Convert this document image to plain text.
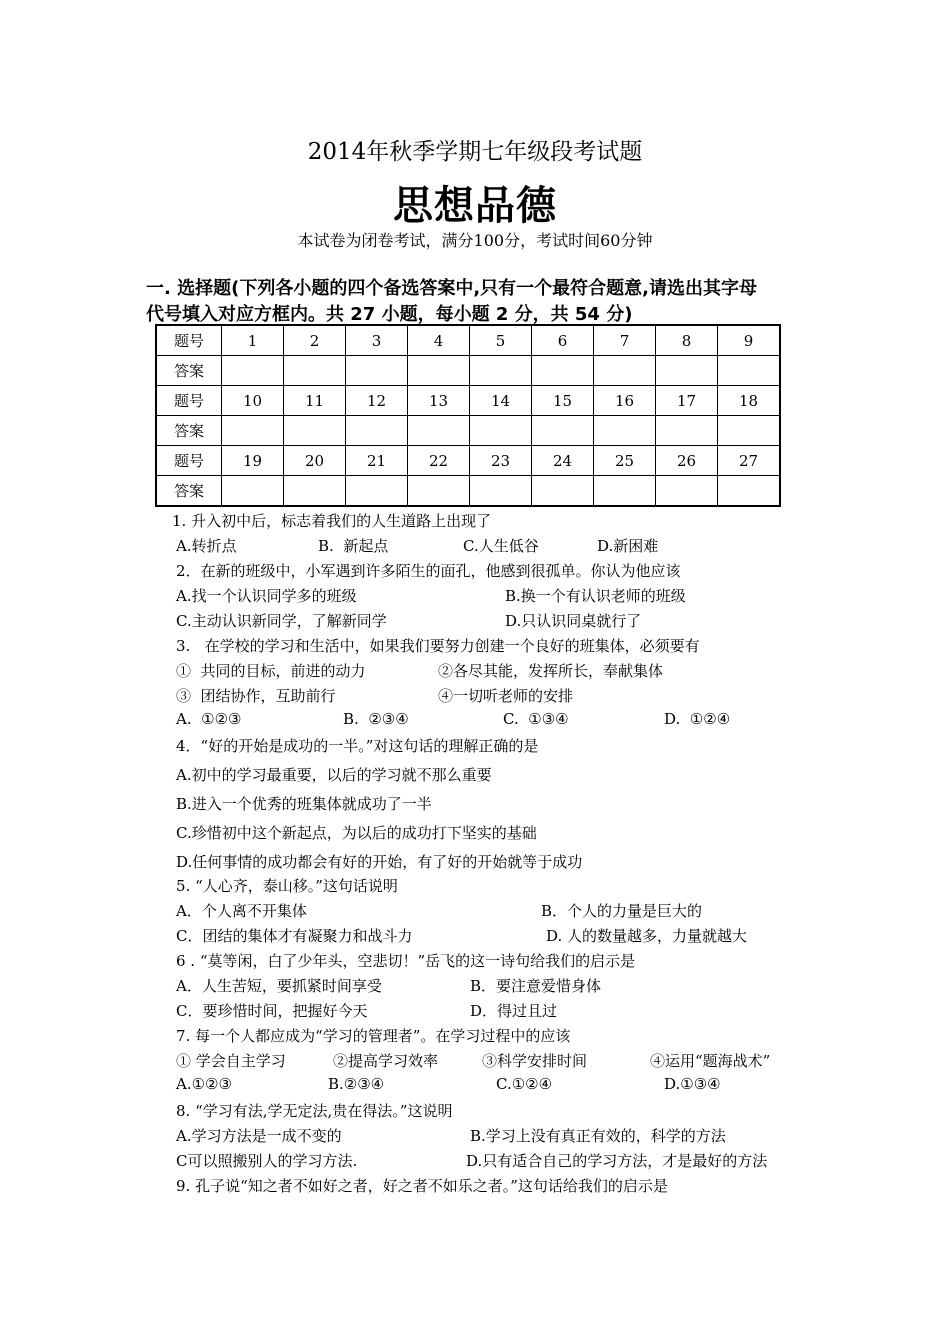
2014年秋季学期七年级段考试题
思想品德
本试卷为闭卷考试，满分100分，考试时间60分钟
一. 选择题(下列各小题的四个备选答案中,只有一个最符合题意,请选出其字母
代号填入对应方框内。共 27 小题，每小题 2 分，共 54 分)
题号	1	2	3	4	5	6	7	8	9
答案									
题号	10	11	12	13	14	15	16	17	18
答案									
题号	19	20	21	22	23	24	25	26	27
答案									
1. 升入初中后，标志着我们的人生道路上出现了
A.转折点	B.  新起点	C.人生低谷	D.新困难
2．在新的班级中，小军遇到许多陌生的面孔，他感到很孤单。你认为他应该
A.找一个认识同学多的班级	B.换一个有认识老师的班级
C.主动认识新同学，了解新同学	D.只认识同桌就行了
3.   在学校的学习和生活中，如果我们要努力创建一个良好的班集体，必须要有
①  共同的目标，前进的动力	②各尽其能，发挥所长，奉献集体
③  团结协作，互助前行	④一切听老师的安排
A.  ①②③	B.  ②③④	C.  ①③④	D.  ①②④
4．“好的开始是成功的一半。”对这句话的理解正确的是
A.初中的学习最重要，以后的学习就不那么重要
B.进入一个优秀的班集体就成功了一半
C.珍惜初中这个新起点，为以后的成功打下坚实的基础
D.任何事情的成功都会有好的开始，有了好的开始就等于成功
5. “人心齐，泰山移。”这句话说明
A．个人离不开集体	B．个人的力量是巨大的
C．团结的集体才有凝聚力和战斗力	D. 人的数量越多，力量就越大
6 . “莫等闲，白了少年头，空悲切！”岳飞的这一诗句给我们的启示是
A．人生苦短，要抓紧时间享受	B．要注意爱惜身体
C．要珍惜时间，把握好今天	D．得过且过
7. 每一个人都应成为“学习的管理者”。在学习过程中的应该
① 学会自主学习	②提高学习效率	③科学安排时间	④运用“题海战术”
A.①②③	B.②③④	C.①②④	D.①③④
8. “学习有法,学无定法,贵在得法。”这说明
A.学习方法是一成不变的	B.学习上没有真正有效的，科学的方法
C可以照搬别人的学习方法.	D.只有适合自己的学习方法，才是最好的方法
9. 孔子说“知之者不如好之者，好之者不如乐之者。”这句话给我们的启示是
